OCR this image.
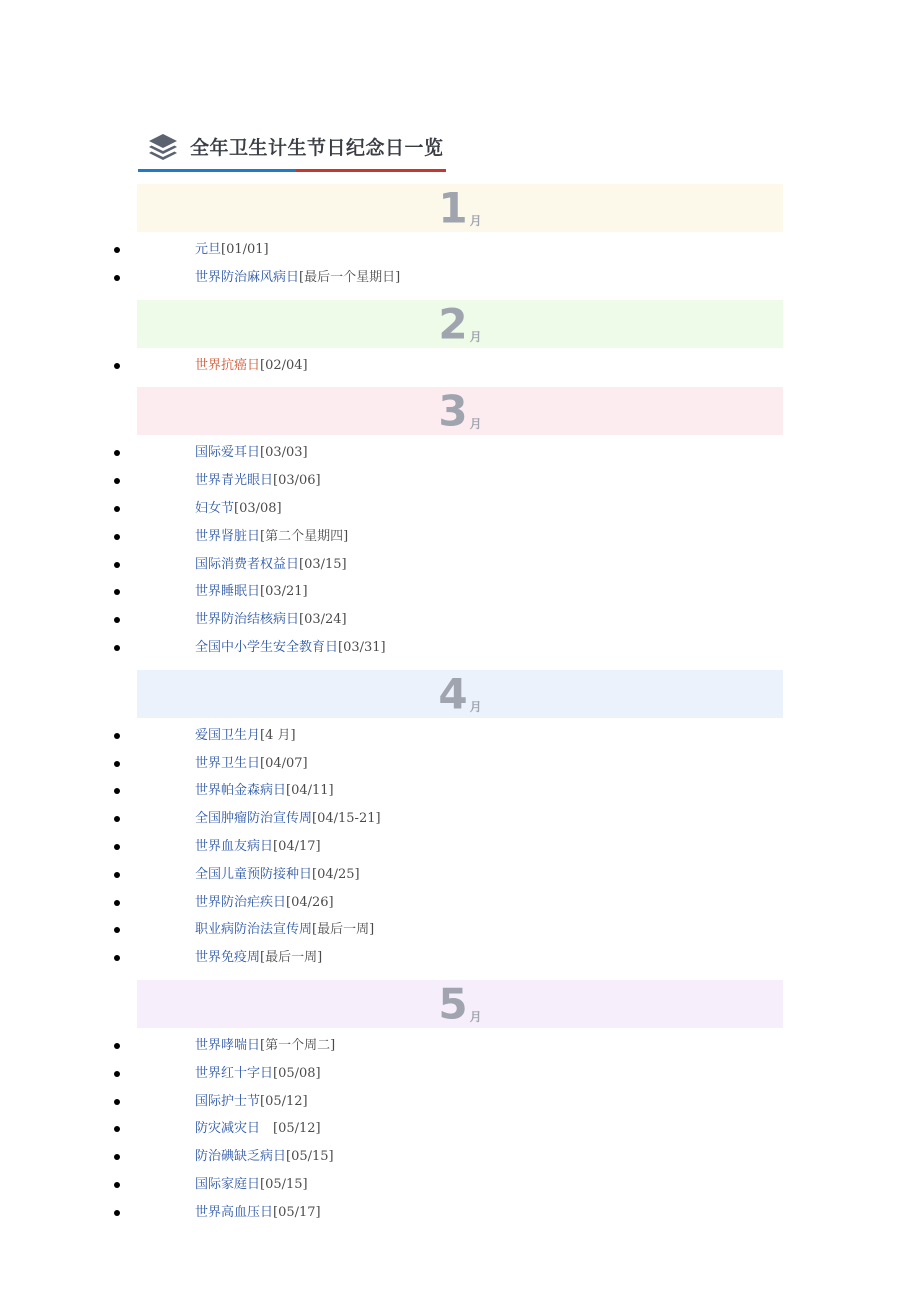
全年卫生计生节日纪念日一览
1 $_月$
元旦[01/01]
世界防治麻风病日[最后一个星期日]
2 $_月$
世界抗癌日[02/04]
3 $_月$
国际爱耳日[03/03]
世界青光眼日[03/06]
妇女节[03/08]
世界肾脏日[第二个星期四]
国际消费者权益日[03/15]
世界睡眠日[03/21]
世界防治结核病日[03/24]
全国中小学生安全教育日[03/31]
4 $_月$
爱国卫生月[4 月]
世界卫生日[04/07]
世界帕金森病日[04/11]
全国肿瘤防治宣传周[04/15-21]
世界血友病日[04/17]
全国儿童预防接种日[04/25]
世界防治疟疾日[04/26]
职业病防治法宣传周[最后一周]
世界免疫周[最后一周]
5 $_月$
世界哮喘日[第一个周二]
世界红十字日[05/08]
国际护士节[05/12]
防灾减灾日　[05/12]
防治碘缺乏病日[05/15]
国际家庭日[05/15]
世界高血压日[05/17]
